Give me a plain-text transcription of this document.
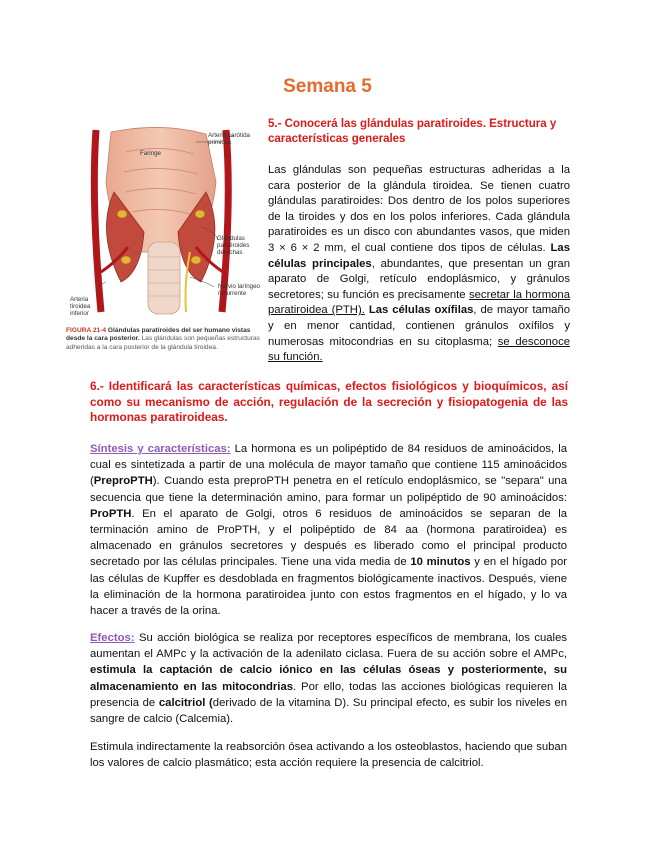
Semana 5
Faringe
Arteria carótida primitiva
Glándulas paratiroides derechas
Nervio laríngeo recurrente
Arteria tiroidea inferior
FIGURA 21-4 Glándulas paratiroides del ser humano vistas desde la cara posterior. Las glándulas son pequeñas estructuras adheridas a la cara posterior de la glándula tiroidea.
5.- Conocerá las glándulas paratiroides. Estructura y características generales
Las glándulas son pequeñas estructuras adheridas a la cara posterior de la glándula tiroidea. Se tienen cuatro glándulas paratiroides: Dos dentro de los polos superiores de la tiroides y dos en los polos inferiores. Cada glándula paratiroides es un disco con abundantes vasos, que miden 3 × 6 × 2 mm, el cual contiene dos tipos de células. Las células principales, abundantes, que presentan un gran aparato de Golgi, retículo endoplásmico, y gránulos secretores; su función es precisamente secretar la hormona paratiroidea (PTH). Las células oxífilas, de mayor tamaño y en menor cantidad, contienen gránulos oxífilos y numerosas mitocondrias en su citoplasma; se desconoce su función.
6.- Identificará las características químicas, efectos fisiológicos y bioquímicos, así como su mecanismo de acción, regulación de la secreción y fisiopatogenia de las hormonas paratiroideas.
Síntesis y características: La hormona es un polipéptido de 84 residuos de aminoácidos, la cual es sintetizada a partir de una molécula de mayor tamaño que contiene 115 aminoácidos (PreproPTH). Cuando esta preproPTH penetra en el retículo endoplásmico, se "separa" una secuencia que tiene la determinación amino, para formar un polipéptido de 90 aminoácidos: ProPTH. En el aparato de Golgi, otros 6 residuos de aminoácidos se separan de la terminación amino de ProPTH, y el polipéptido de 84 aa (hormona paratiroidea) es almacenado en gránulos secretores y después es liberado como el principal producto secretado por las células principales. Tiene una vida media de 10 minutos y en el hígado por las células de Kupffer es desdoblada en fragmentos biológicamente inactivos. Después, viene la eliminación de la hormona paratiroidea junto con estos fragmentos en el hígado, y lo va hacer a través de la orina.
Efectos: Su acción biológica se realiza por receptores específicos de membrana, los cuales aumentan el AMPc y la activación de la adenilato ciclasa. Fuera de su acción sobre el AMPc, estimula la captación de calcio iónico en las células óseas y posteriormente, su almacenamiento en las mitocondrias. Por ello, todas las acciones biológicas requieren la presencia de calcitriol (derivado de la vitamina D). Su principal efecto, es subir los niveles en sangre de calcio (Calcemia).
Estimula indirectamente la reabsorción ósea activando a los osteoblastos, haciendo que suban los valores de calcio plasmático; esta acción requiere la presencia de calcitriol.
